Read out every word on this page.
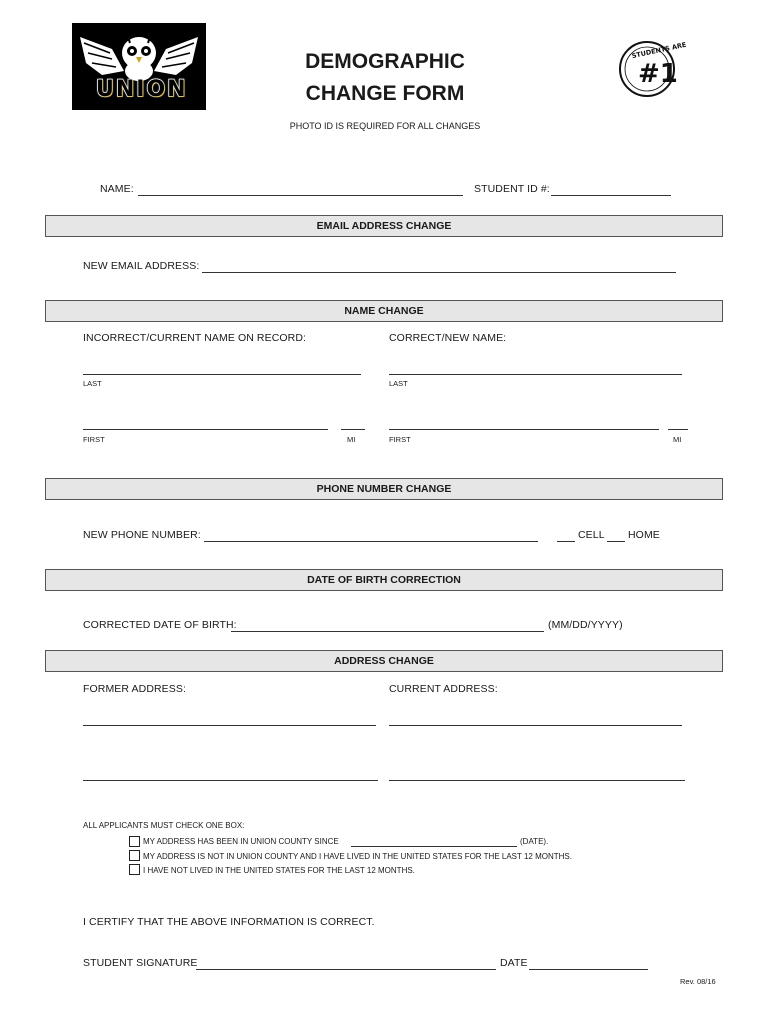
UNION
DEMOGRAPHIC
CHANGE FORM
PHOTO ID IS REQUIRED FOR ALL CHANGES
#1
STUDENTS ARE
NAME:	STUDENT ID #:
EMAIL ADDRESS CHANGE
NEW EMAIL ADDRESS:
NAME CHANGE
INCORRECT/CURRENT NAME ON RECORD:	CORRECT/NEW NAME:
LAST	LAST
FIRST	MI	FIRST	MI
PHONE NUMBER CHANGE
NEW PHONE NUMBER:	CELL HOME
DATE OF BIRTH CORRECTION
CORRECTED DATE OF BIRTH:	(MM/DD/YYYY)
ADDRESS CHANGE
FORMER ADDRESS:	CURRENT ADDRESS:
ALL APPLICANTS MUST CHECK ONE BOX:
MY ADDRESS HAS BEEN IN UNION COUNTY SINCE	(DATE).
MY ADDRESS IS NOT IN UNION COUNTY AND I HAVE LIVED IN THE UNITED STATES FOR THE LAST 12 MONTHS.
I HAVE NOT LIVED IN THE UNITED STATES FOR THE LAST 12 MONTHS.
I CERTIFY THAT THE ABOVE INFORMATION IS CORRECT.
STUDENT SIGNATURE	DATE
Rev. 08/16
